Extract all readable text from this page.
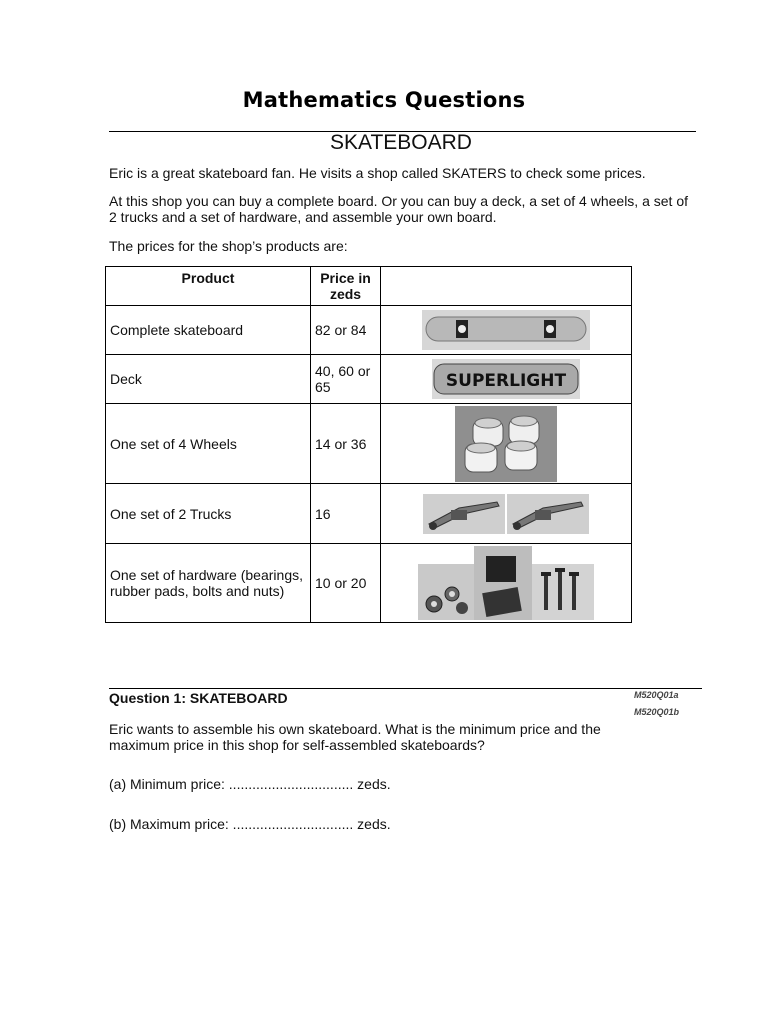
Mathematics Questions
SKATEBOARD
Eric is a great skateboard fan. He visits a shop called SKATERS to check some prices.
At this shop you can buy a complete board. Or you can buy a deck, a set of 4 wheels, a set of 2 trucks and a set of hardware, and assemble your own board.
The prices for the shop’s products are:
Product	Price in zeds	
Complete skateboard	82 or 84	

Deck	40, 60 or 65	SUPERLIGHT

One set of 4 Wheels	14 or 36	

One set of 2 Trucks	16	

One set of hardware (bearings, rubber pads, bolts and nuts)	10 or 20	
Question 1: SKATEBOARD	M520Q01a
M520Q01b
Eric wants to assemble his own skateboard. What is the minimum price and the maximum price in this shop for self-assembled skateboards?
(a) Minimum price: ................................ zeds.
(b) Maximum price: ............................... zeds.
